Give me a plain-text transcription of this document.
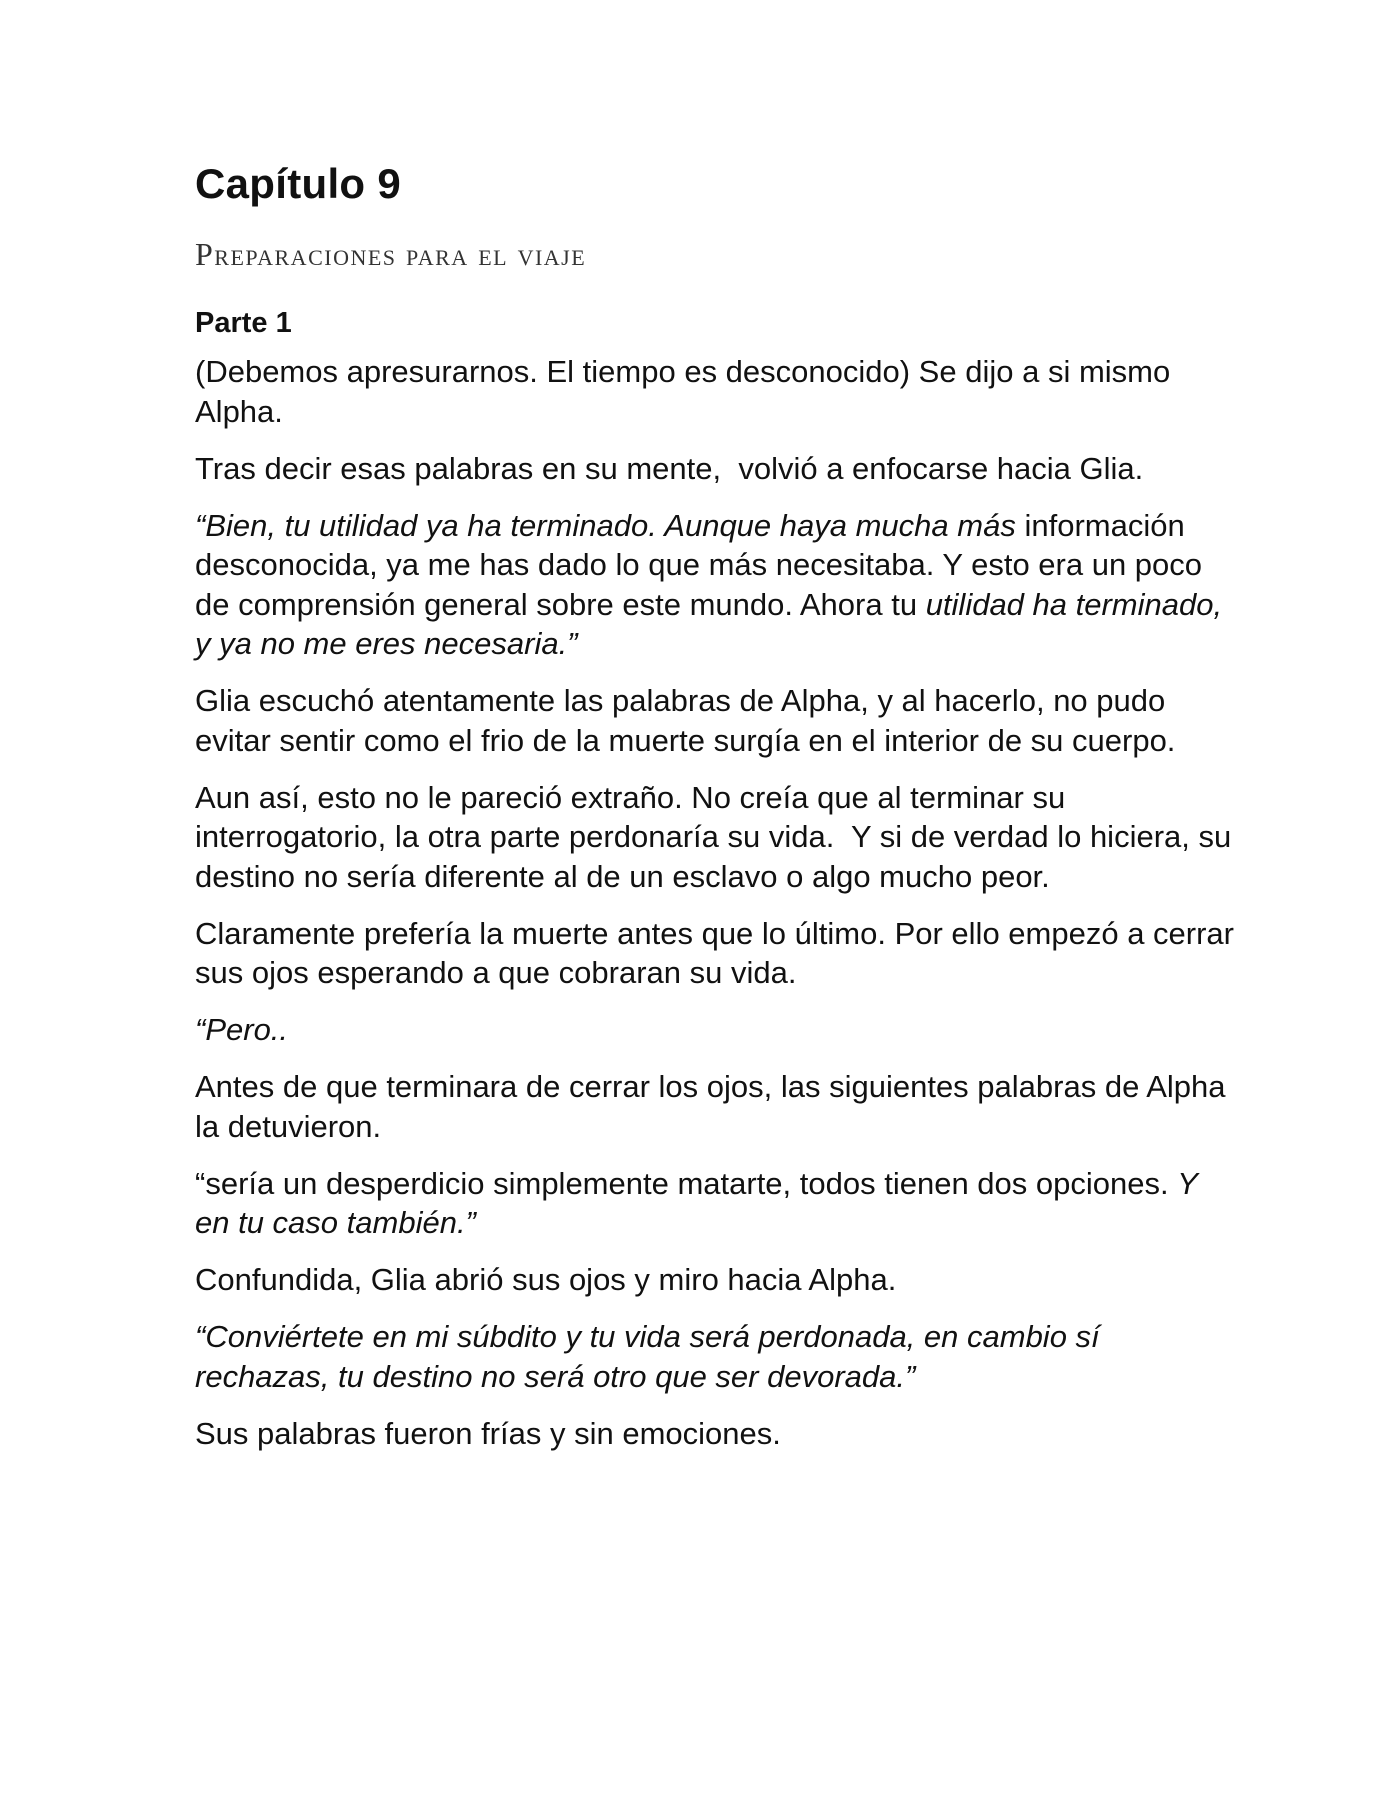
Capítulo 9
Preparaciones para el viaje
Parte 1

(Debemos apresurarnos. El tiempo es desconocido) Se dijo a si mismo Alpha.

Tras decir esas palabras en su mente,  volvió a enfocarse hacia Glia.

“Bien, tu utilidad ya ha terminado. Aunque haya mucha más información desconocida, ya me has dado lo que más necesitaba. Y esto era un poco de comprensión general sobre este mundo. Ahora tu utilidad ha terminado, y ya no me eres necesaria.”

Glia escuchó atentamente las palabras de Alpha, y al hacerlo, no pudo evitar sentir como el frio de la muerte surgía en el interior de su cuerpo.

Aun así, esto no le pareció extraño. No creía que al terminar su interrogatorio, la otra parte perdonaría su vida.  Y si de verdad lo hiciera, su destino no sería diferente al de un esclavo o algo mucho peor.

Claramente prefería la muerte antes que lo último. Por ello empezó a cerrar sus ojos esperando a que cobraran su vida.

“Pero..

Antes de que terminara de cerrar los ojos, las siguientes palabras de Alpha la detuvieron.

“sería un desperdicio simplemente matarte, todos tienen dos opciones. Y en tu caso también.”

Confundida, Glia abrió sus ojos y miro hacia Alpha.

“Conviértete en mi súbdito y tu vida será perdonada, en cambio sí rechazas, tu destino no será otro que ser devorada.”

Sus palabras fueron frías y sin emociones.
